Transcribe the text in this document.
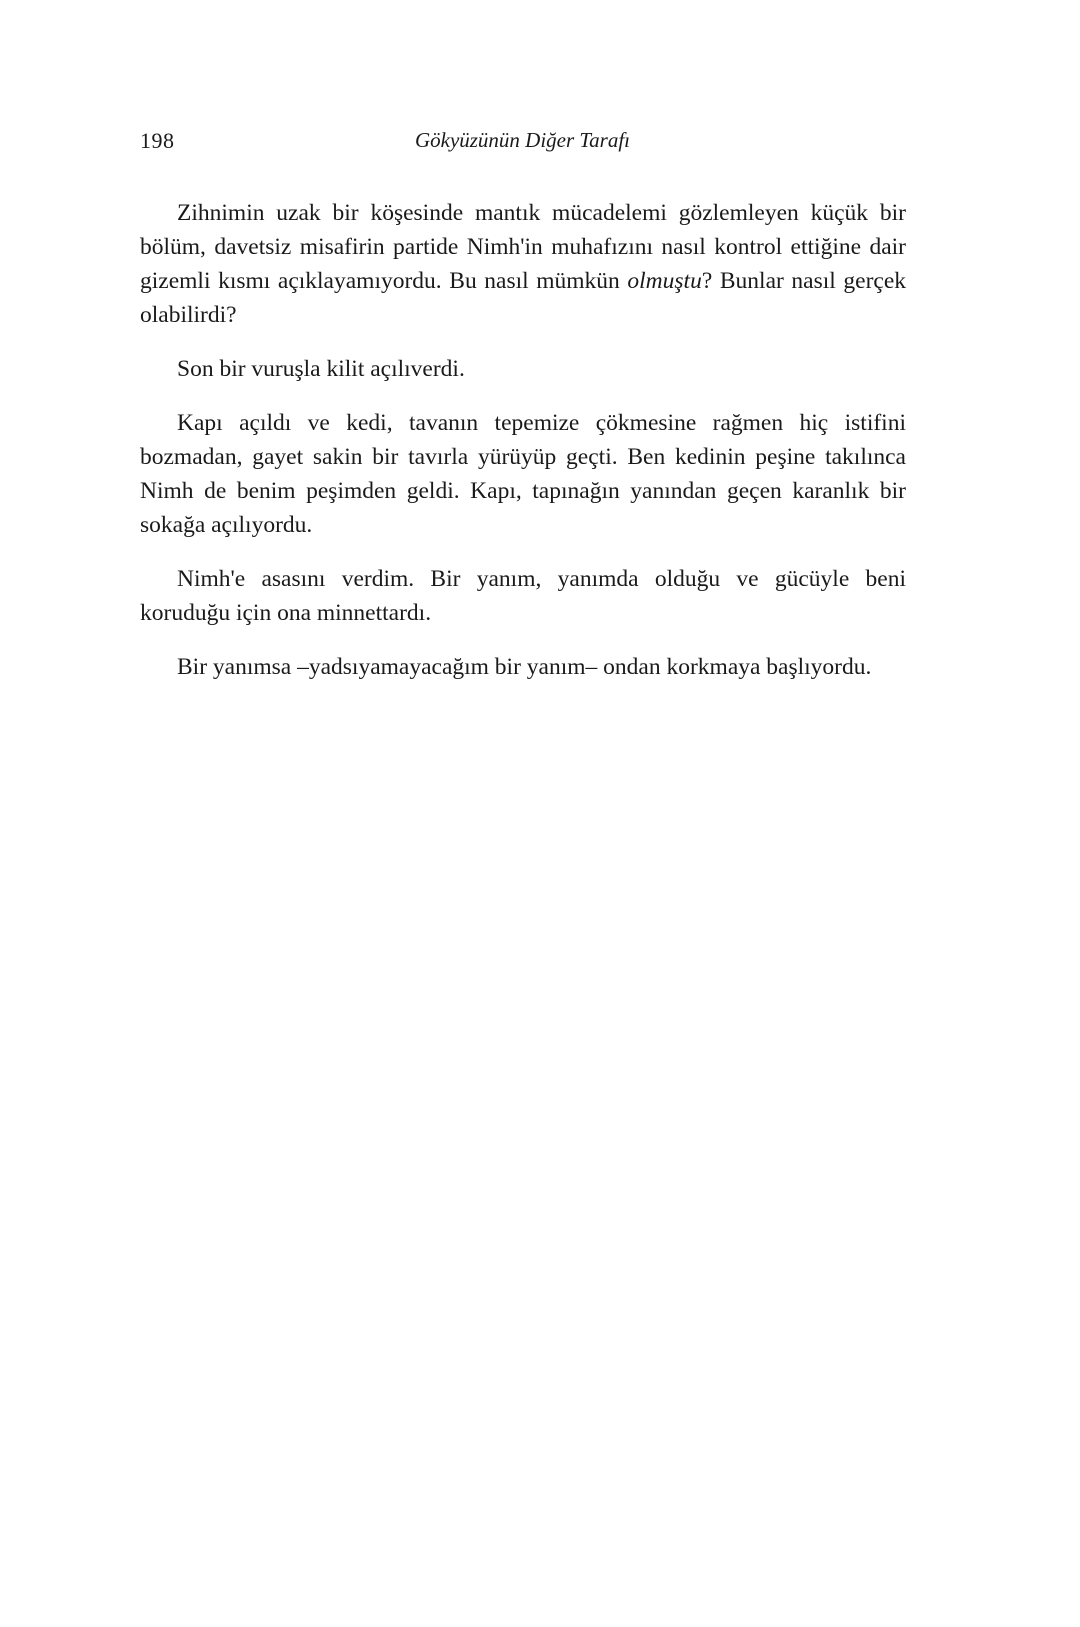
198	Gökyüzünün Diğer Tarafı

Zihnimin uzak bir köşesinde mantık mücadelemi gözlemleyen küçük bir bölüm, davetsiz misafirin partide Nimh'in muhafızını nasıl kontrol ettiğine dair gizemli kısmı açıklayamıyordu. Bu nasıl mümkün olmuştu? Bunlar nasıl gerçek olabilirdi?

Son bir vuruşla kilit açılıverdi.

Kapı açıldı ve kedi, tavanın tepemize çökmesine rağmen hiç istifini bozmadan, gayet sakin bir tavırla yürüyüp geçti. Ben kedinin peşine takılınca Nimh de benim peşimden geldi. Kapı, tapınağın yanından geçen karanlık bir sokağa açılıyordu.

Nimh'e asasını verdim. Bir yanım, yanımda olduğu ve gücüyle beni koruduğu için ona minnettardı.

Bir yanımsa –yadsıyamayacağım bir yanım– ondan korkmaya başlıyordu.
